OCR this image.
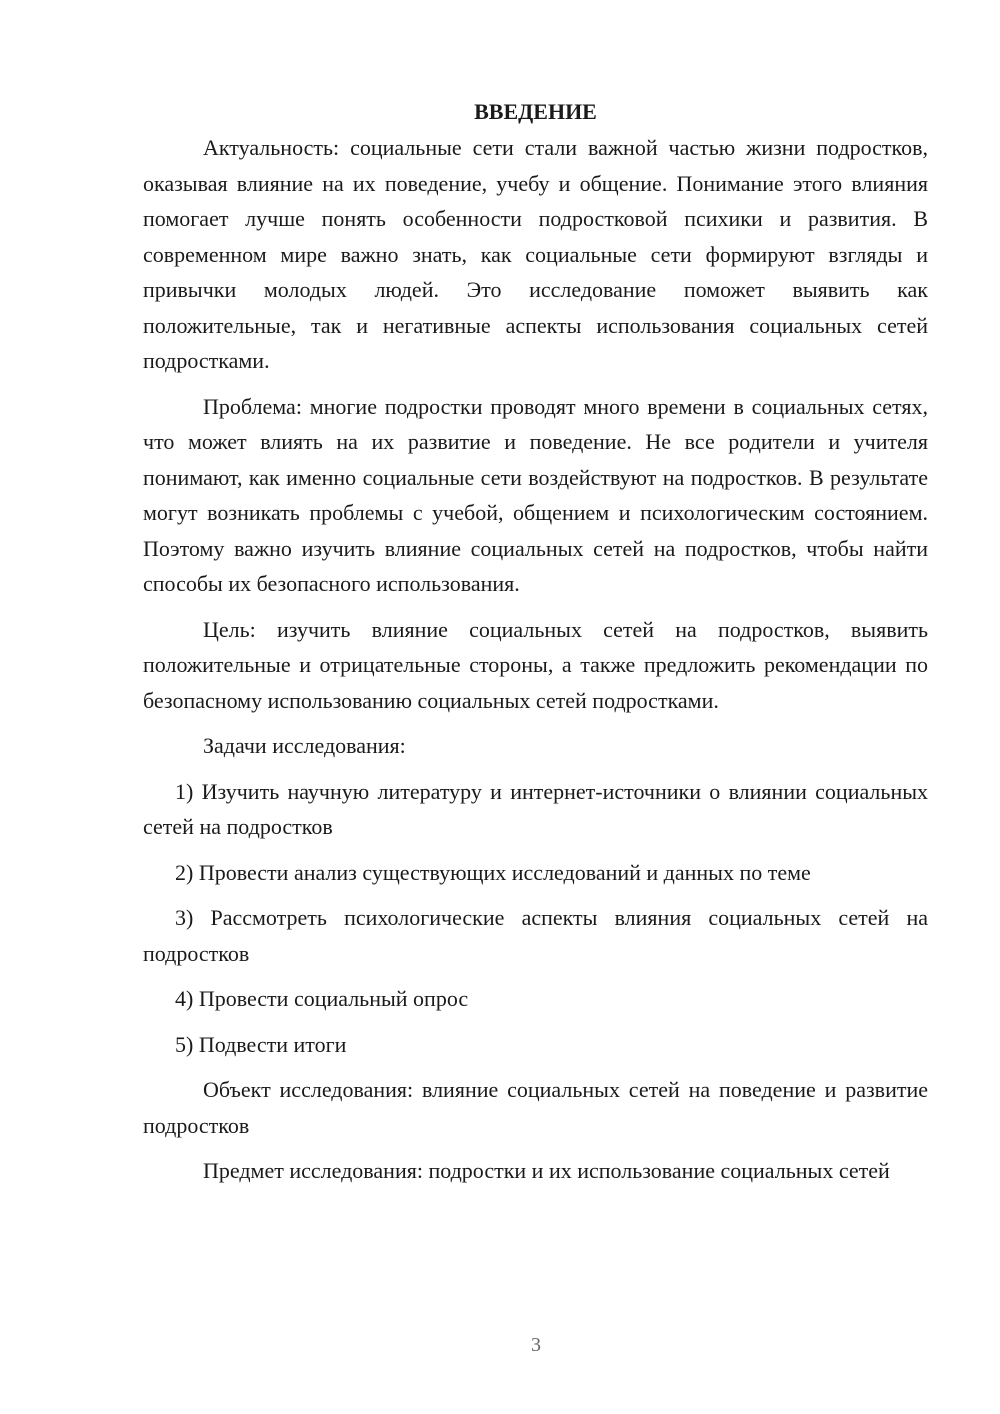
ВВЕДЕНИЕ

Актуальность: социальные сети стали важной частью жизни подростков, оказывая влияние на их поведение, учебу и общение. Понимание этого влияния помогает лучше понять особенности подростковой психики и развития. В современном мире важно знать, как социальные сети формируют взгляды и привычки молодых людей. Это исследование поможет выявить как положительные, так и негативные аспекты использования социальных сетей подростками.

Проблема: многие подростки проводят много времени в социальных сетях, что может влиять на их развитие и поведение. Не все родители и учителя понимают, как именно социальные сети воздействуют на подростков. В результате могут возникать проблемы с учебой, общением и психологическим состоянием. Поэтому важно изучить влияние социальных сетей на подростков, чтобы найти способы их безопасного использования.

Цель: изучить влияние социальных сетей на подростков, выявить положительные и отрицательные стороны, а также предложить рекомендации по безопасному использованию социальных сетей подростками.

Задачи исследования:

1) Изучить научную литературу и интернет-источники о влиянии социальных сетей на подростков

2) Провести анализ существующих исследований и данных по теме

3) Рассмотреть психологические аспекты влияния социальных сетей на подростков

4) Провести социальный опрос

5) Подвести итоги

Объект исследования: влияние социальных сетей на поведение и развитие подростков

Предмет исследования: подростки и их использование социальных сетей

3
